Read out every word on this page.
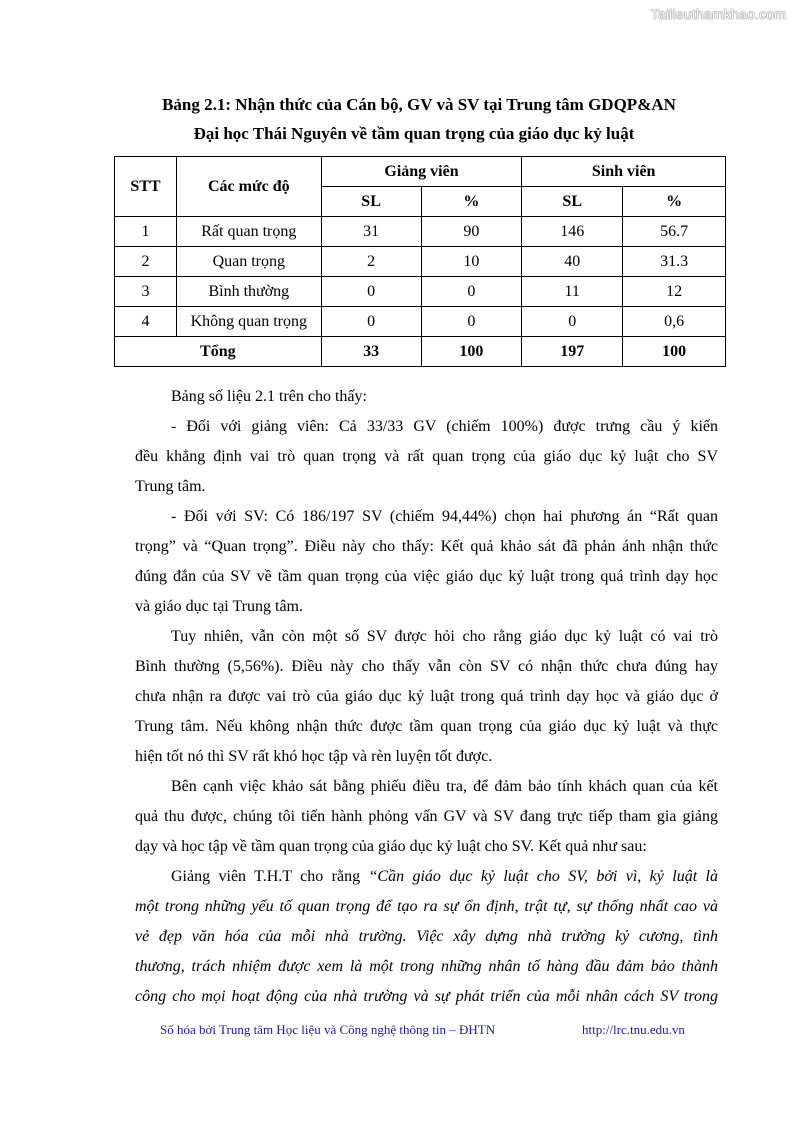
Tailieuthamkhao.com
Bảng 2.1: Nhận thức của Cán bộ, GV và SV tại Trung tâm GDQP&AN
Đại học Thái Nguyên về tầm quan trọng của giáo dục kỷ luật
STT	Các mức độ	Giảng viên		Sinh viên	
		SL	%	SL	%
1	Rất quan trọng	31	90	146	56.7
2	Quan trọng	2	10	40	31.3
3	Bình thường	0	0	11	12
4	Không quan trọng	0	0	0	0,6
Tổng		33	100	197	100
Bảng số liệu 2.1 trên cho thấy:
- Đối với giảng viên: Cả 33/33 GV (chiếm 100%) được trưng cầu ý kiến
đều khẳng định vai trò quan trọng và rất quan trọng của giáo dục kỷ luật cho SV
Trung tâm.
- Đối với SV: Có 186/197 SV (chiếm 94,44%) chọn hai phương án “Rất quan
trọng” và “Quan trọng”. Điều này cho thấy: Kết quả khảo sát đã phản ánh nhận thức
đúng đắn của SV về tầm quan trọng của việc giáo dục kỷ luật trong quá trình dạy học
và giáo dục tại Trung tâm.
Tuy nhiên, vẫn còn một số SV được hỏi cho rằng giáo dục kỷ luật có vai trò
Bình thường (5,56%). Điều này cho thấy vẫn còn SV có nhận thức chưa đúng hay
chưa nhận ra được vai trò của giáo dục kỷ luật trong quá trình dạy học và giáo dục ở
Trung tâm. Nếu không nhận thức được tầm quan trọng của giáo dục kỷ luật và thực
hiện tốt nó thì SV rất khó học tập và rèn luyện tốt được.
Bên cạnh việc khảo sát bằng phiếu điều tra, để đảm bảo tính khách quan của kết
quả thu được, chúng tôi tiến hành phỏng vấn GV và SV đang trực tiếp tham gia giảng
dạy và học tập về tầm quan trọng của giáo dục kỷ luật cho SV. Kết quả như sau:
Giảng viên T.H.T cho rằng “Cần giáo dục kỷ luật cho SV, bởi vì, kỷ luật là
một trong những yếu tố quan trọng để tạo ra sự ổn định, trật tự, sự thống nhất cao và
vẻ đẹp văn hóa của mỗi nhà trường. Việc xây dựng nhà trường kỷ cương, tình
thương, trách nhiệm được xem là một trong những nhân tố hàng đầu đảm bảo thành
công cho mọi hoạt động của nhà trường và sự phát triển của mỗi nhân cách SV trong
Số hóa bởi Trung tâm Học liệu và Công nghệ thông tin – ĐHTN	http://lrc.tnu.edu.vn
